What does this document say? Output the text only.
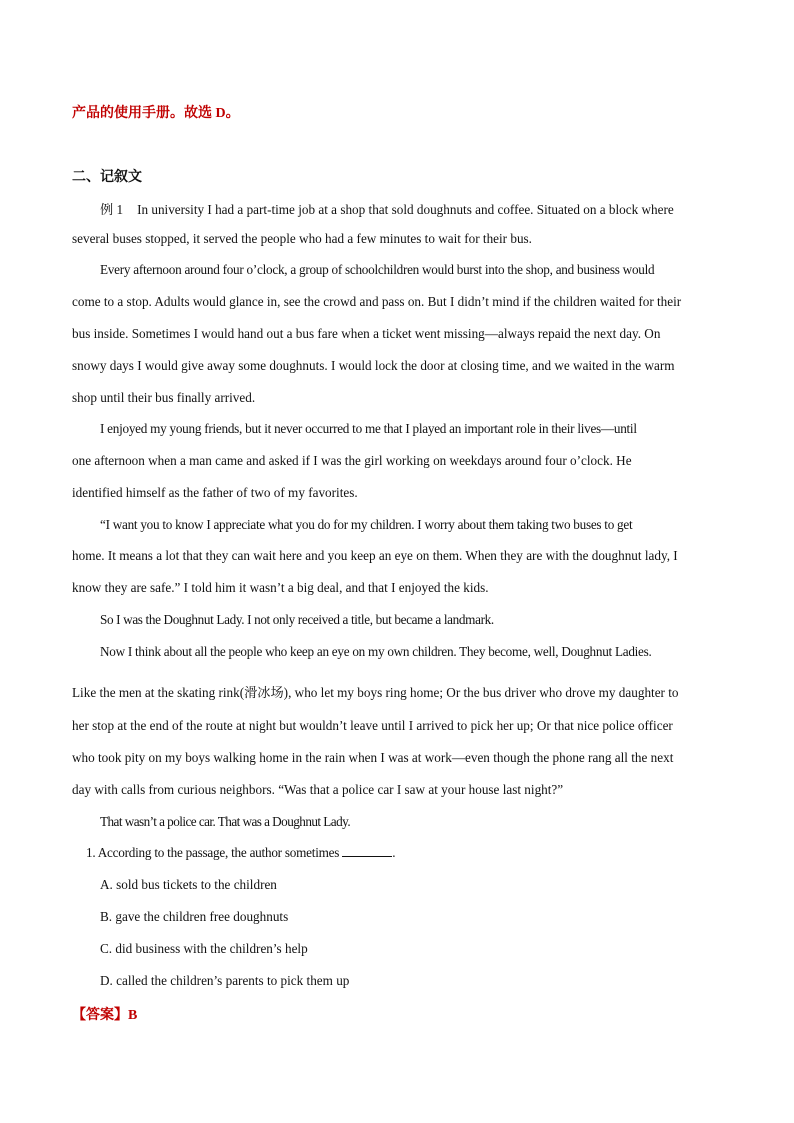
产品的使用手册。故选 D。
二、记叙文
例 1 In university I had a part-time job at a shop that sold doughnuts and coffee. Situated on a block where
several buses stopped, it served the people who had a few minutes to wait for their bus.
Every afternoon around four o’clock, a group of schoolchildren would burst into the shop, and business would
come to a stop. Adults would glance in, see the crowd and pass on. But I didn’t mind if the children waited for their
bus inside. Sometimes I would hand out a bus fare when a ticket went missing—always repaid the next day. On
snowy days I would give away some doughnuts. I would lock the door at closing time, and we waited in the warm
shop until their bus finally arrived.
I enjoyed my young friends, but it never occurred to me that I played an important role in their lives—until
one afternoon when a man came and asked if I was the girl working on weekdays around four o’clock. He
identified himself as the father of two of my favorites.
“I want you to know I appreciate what you do for my children. I worry about them taking two buses to get
home. It means a lot that they can wait here and you keep an eye on them. When they are with the doughnut lady, I
know they are safe.” I told him it wasn’t a big deal, and that I enjoyed the kids.
So I was the Doughnut Lady. I not only received a title, but became a landmark.
Now I think about all the people who keep an eye on my own children. They become, well, Doughnut Ladies.
Like the men at the skating rink(滑冰场), who let my boys ring home; Or the bus driver who drove my daughter to
her stop at the end of the route at night but wouldn’t leave until I arrived to pick her up; Or that nice police officer
who took pity on my boys walking home in the rain when I was at work—even though the phone rang all the next
day with calls from curious neighbors. “Was that a police car I saw at your house last night?”
That wasn’t a police car. That was a Doughnut Lady.
1. According to the passage, the author sometimes	.
A. sold bus tickets to the children
B. gave the children free doughnuts
C. did business with the children’s help
D. called the children’s parents to pick them up
【答案】B
